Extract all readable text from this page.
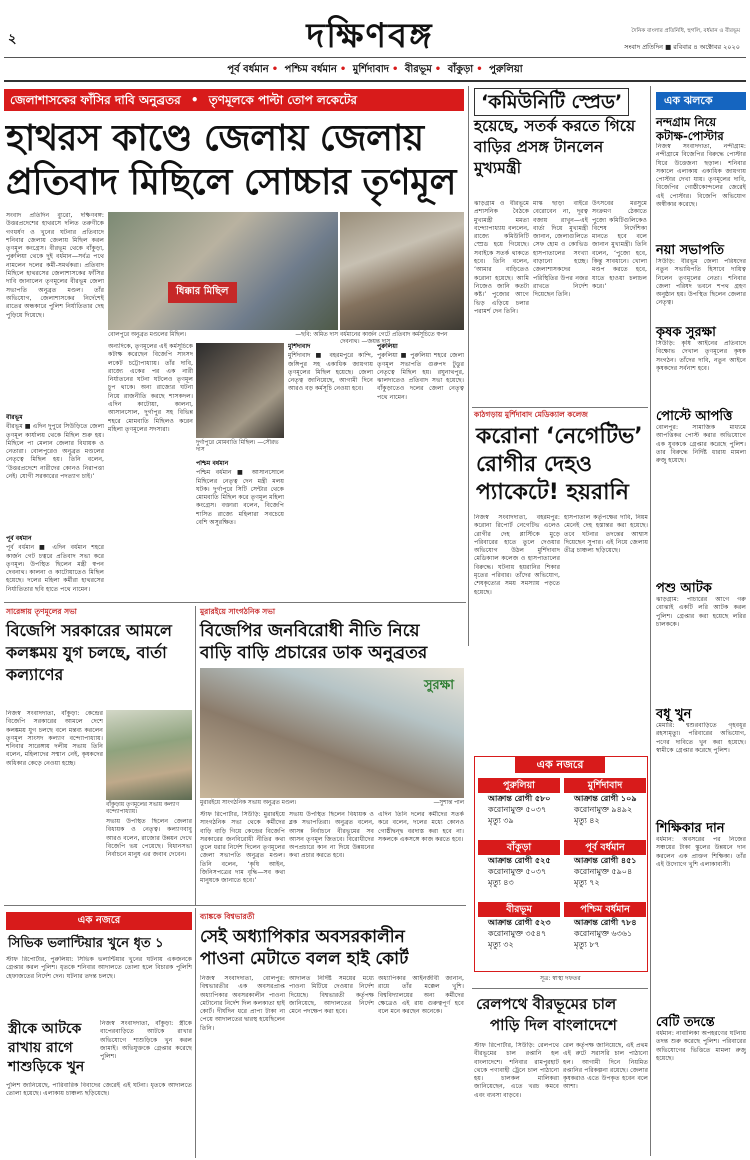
২
দৈনিক বাংলার প্রতিনিধি, হুগলি, বর্ধমান ও বীরভূম
সংবাদ প্রতিদিন ■ রবিবার ৪ অক্টোবর ২০২০
দক্ষিণবঙ্গ
পূর্ব বর্ধমান • পশ্চিম বর্ধমান • মুর্শিদাবাদ • বীরভূম • বাঁকুড়া • পুরুলিয়া
জেলাশাসকের ফাঁসির দাবি অনুব্রতর • তৃণমূলকে পাল্টা তোপ লকেটের
হাথরস কাণ্ডে জেলায় জেলায়
প্রতিবাদ মিছিলে সোচ্চার তৃণমূল

সংবাদ প্রতিদিন ব্যুরো, দক্ষিণবঙ্গ: উত্তরপ্রদেশের হাথরসে দলিত তরুণীকে গণধর্ষণ ও খুনের ঘটনার প্রতিবাদে শনিবার জেলায় জেলায় মিছিল করল তৃণমূল কংগ্রেস। বীরভূম থেকে বাঁকুড়া, পুরুলিয়া থেকে দুই বর্ধমান—সর্বত্র পথে নামলেন দলের কর্মী-সমর্থকরা। প্রতিবাদ মিছিলে হাথরসের জেলাশাসকের ফাঁসির দাবি জানালেন তৃণমূলের বীরভূম জেলা সভাপতি অনুব্রত মণ্ডল। তাঁর অভিযোগ, জেলাশাসকের নির্দেশেই রাতের অন্ধকারে পুলিশ নির্যাতিতার দেহ পুড়িয়ে দিয়েছে।

বীরভূম

বীরভূম ■ এদিন দুপুরে সিউড়িতে জেলা তৃণমূল কার্যালয় থেকে মিছিল শুরু হয়। মিছিলে পা মেলান জেলার বিধায়ক ও নেতারা। বোলপুরেও অনুব্রত মণ্ডলের নেতৃত্বে মিছিল হয়। তিনি বলেন, ‘উত্তরপ্রদেশে নারীদের কোনও নিরাপত্তা নেই। যোগী সরকারের পদত্যাগ চাই।’

পূর্ব বর্ধমান

পূর্ব বর্ধমান ■ এদিন বর্ধমান শহরে কার্জন গেট চত্বরে প্রতিবাদ সভা করে তৃণমূল। উপস্থিত ছিলেন মন্ত্রী স্বপন দেবনাথ। কালনা ও কাটোয়াতেও মিছিল হয়েছে। দলের মহিলা কর্মীরা হাথরসের নির্যাতিতার ছবি হাতে পথে নামেন।

ধিক্কার মিছিল
বোলপুরে অনুব্রত মণ্ডলের মিছিল।	—ছবি: অমিত দাস বর্ধমানের কার্জন গেটে প্রতিবাদ কর্মসূচিতে স্বপন দেবনাথ। —জয়ন্ত দাস

অন্যদিকে, তৃণমূলের এই কর্মসূচিকে কটাক্ষ করেছেন বিজেপি সাংসদ লকেট চট্টোপাধ্যায়। তাঁর দাবি, রাজ্যে একের পর এক নারী নির্যাতনের ঘটনা ঘটলেও তৃণমূল চুপ থাকে। অন্য রাজ্যের ঘটনা নিয়ে রাজনীতি করছে শাসকদল। এদিন কাটোয়া, কালনা, আসানসোল, দুর্গাপুর সহ বিভিন্ন শহরে মোমবাতি মিছিলও করেন মহিলা তৃণমূলের সদস্যরা।

দুর্গাপুরে মোমবাতি মিছিল। —সৌরভ দাস

পশ্চিম বর্ধমান

পশ্চিম বর্ধমান ■ আসানসোলে মিছিলের নেতৃত্ব দেন মন্ত্রী মলয় ঘটক। দুর্গাপুরে সিটি সেন্টার থেকে মোমবাতি মিছিল করে তৃণমূল মহিলা কংগ্রেস। বক্তারা বলেন, বিজেপি শাসিত রাজ্যে মহিলারা সবচেয়ে বেশি অসুরক্ষিত।

মুর্শিদাবাদ

মুর্শিদাবাদ ■ বহরমপুরে কান্দি, জঙ্গিপুর সহ একাধিক জায়গায় তৃণমূলের মিছিল হয়েছে। জেলা নেতৃত্ব জানিয়েছে, আগামী দিনে আরও বড় কর্মসূচি নেওয়া হবে।

পুরুলিয়া

পুরুলিয়া ■ পুরুলিয়া শহরে জেলা তৃণমূল সভাপতি গুরুপদ টুডুর নেতৃত্বে মিছিল হয়। রঘুনাথপুর, ঝালদাতেও প্রতিবাদ সভা হয়েছে। বাঁকুড়াতেও দলের জেলা নেতৃত্ব পথে নামেন।

‘কমিউনিটি স্প্রেড’
হয়েছে, সতর্ক করতে গিয়ে বাড়ির প্রসঙ্গ টানলেন মুখ্যমন্ত্রী

ঝাড়গ্রাম ও বীরভূমে প্রশাসনিক বৈঠকে মুখ্যমন্ত্রী মমতা বন্দ্যোপাধ্যায় বললেন, রাজ্যে কমিউনিটি স্প্রেড হয়ে গিয়েছে। সবাইকে সতর্ক থাকতে হবে। তিনি বলেন, ‘আমার বাড়িতেও করোনা হয়েছে। আমি নিজেও জানি কতটা কষ্ট।’ পুজোর আগে ভিড় এড়িয়ে চলার পরামর্শ দেন তিনি।

মাস্ক ছাড়া বাইরে বেরোবেন না, দূরত্ব বজায় রাখুন—এই বার্তা দিয়ে মুখ্যমন্ত্রী জানান, জেলাগুলিতে সেফ হোম ও কোভিড হাসপাতালের সংখ্যা বাড়ানো হচ্ছে। জেলাশাসকদের পরিস্থিতির উপর নজর রাখতে নির্দেশ দিয়েছেন তিনি।

উৎসবের মরসুমে সংক্রমণ ঠেকাতে পুজো কমিটিগুলিকেও বিশেষ নির্দেশিকা মানতে হবে বলে জানান মুখ্যমন্ত্রী। তিনি বলেন, ‘পুজো হবে, কিন্তু সাবধানে। খোলা মণ্ডপ করতে হবে, যাতে হাওয়া চলাচল করে।’

কাঠগড়ায় মুর্শিদাবাদ মেডিক্যাল কলেজ
করোনা ‘নেগেটিভ’
রোগীর দেহও
প্যাকেটে! হয়রানি

নিজস্ব সংবাদদাতা, বহরমপুর: করোনা রিপোর্ট নেগেটিভ এলেও রোগীর দেহ প্লাস্টিকে মুড়ে পরিবারের হাতে তুলে দেওয়ার অভিযোগ উঠল মুর্শিদাবাদ মেডিক্যাল কলেজ ও হাসপাতালের বিরুদ্ধে। ঘটনায় হয়রানির শিকার মৃতের পরিবার। তাঁদের অভিযোগ, শেষকৃত্যের সময় সমস্যায় পড়তে হয়েছে।

হাসপাতাল কর্তৃপক্ষের দাবি, নিয়ম মেনেই দেহ হস্তান্তর করা হয়েছে। তবে ঘটনার তদন্তের আশ্বাস দিয়েছেন সুপার। এই নিয়ে জেলায় তীব্র চাঞ্চল্য ছড়িয়েছে।

এক ঝলকে
নন্দগ্রাম নিয়ে কটাক্ষ-পোস্টার
নিজস্ব সংবাদদাতা, নন্দীগ্রাম: নন্দীগ্রামে বিজেপির বিরুদ্ধে পোস্টার ঘিরে উত্তেজনা ছড়াল। শনিবার সকালে এলাকায় একাধিক জায়গায় পোস্টার দেখা যায়। তৃণমূলের দাবি, বিজেপির গোষ্ঠীকোন্দলের জেরেই এই পোস্টার। বিজেপি অভিযোগ অস্বীকার করেছে।
নয়া সভাপতি
সিউড়ি: বীরভূম জেলা পরিষদের নতুন সভাধিপতি হিসাবে দায়িত্ব নিলেন তৃণমূলের নেতা। শনিবার জেলা পরিষদ ভবনে শপথ গ্রহণ অনুষ্ঠান হয়। উপস্থিত ছিলেন জেলার নেতৃত্ব।
কৃষক সুরক্ষা
সিউড়ি: কৃষি আইনের প্রতিবাদে বিক্ষোভ দেখাল তৃণমূলের কৃষক সংগঠন। তাঁদের দাবি, নতুন আইনে কৃষকদের সর্বনাশ হবে।
পোস্টে আপত্তি
বোলপুর: সামাজিক মাধ্যমে আপত্তিকর পোস্ট করার অভিযোগে এক যুবককে গ্রেপ্তার করেছে পুলিশ। তার বিরুদ্ধে নির্দিষ্ট ধারায় মামলা রুজু হয়েছে।
পশু আটক
ঝাড়গ্রাম: পাচারের আগে গরু বোঝাই একটি লরি আটক করল পুলিশ। গ্রেপ্তার করা হয়েছে লরির চালককে।
বধূ খুন
মেমারি: শ্বশুরবাড়িতে গৃহবধূর রহস্যমৃত্যু। পরিবারের অভিযোগ, পণের দাবিতে খুন করা হয়েছে। স্বামীকে গ্রেপ্তার করেছে পুলিশ।
শিক্ষিকার দান
বর্ধমান: অবসরের পর নিজের সঞ্চয়ের টাকা স্কুলের উন্নয়নে দান করলেন এক প্রাক্তন শিক্ষিকা। তাঁর এই উদ্যোগে খুশি এলাকাবাসী।
বেটি তদন্তে
বর্ধমান: নাবালিকা অপহরণের ঘটনায় তদন্ত শুরু করেছে পুলিশ। পরিবারের অভিযোগের ভিত্তিতে মামলা রুজু হয়েছে।
সারেঙ্গায় তৃণমূলের সভা
বিজেপি সরকারের আমলে কলঙ্কময় যুগ চলছে, বার্তা কল্যাণের

নিজস্ব সংবাদদাতা, বাঁকুড়া: কেন্দ্রের বিজেপি সরকারের আমলে দেশে কলঙ্কময় যুগ চলছে বলে মন্তব্য করলেন তৃণমূল সাংসদ কল্যাণ বন্দ্যোপাধ্যায়। শনিবার সারেঙ্গায় দলীয় সভায় তিনি বলেন, মহিলাদের সম্মান নেই, কৃষকদের অধিকার কেড়ে নেওয়া হচ্ছে।

বাঁকুড়ায় তৃণমূলের সভায় কল্যাণ বন্দ্যোপাধ্যায়।

সভায় উপস্থিত ছিলেন জেলার বিধায়ক ও নেতৃত্ব। কল্যাণবাবু আরও বলেন, রাজ্যের উন্নয়ন দেখে বিজেপি ভয় পেয়েছে। বিধানসভা নির্বাচনে মানুষ এর জবাব দেবেন।

মুরারইয়ে সাংগঠনিক সভা
বিজেপির জনবিরোধী নীতি নিয়ে
বাড়ি বাড়ি প্রচারের ডাক অনুব্রতর
সুরক্ষা
মুরারইয়ে সাংগঠনিক সভায় অনুব্রত মণ্ডল।	—সুশান্ত পাল

স্টাফ রিপোর্টার, সিউড়ি: মুরারইয়ে সাংগঠনিক সভা থেকে কর্মীদের বাড়ি বাড়ি গিয়ে কেন্দ্রের বিজেপি সরকারের জনবিরোধী নীতির কথা তুলে ধরার নির্দেশ দিলেন তৃণমূলের জেলা সভাপতি অনুব্রত মণ্ডল। তিনি বলেন, ‘কৃষি আইন, জিনিসপত্রের দাম বৃদ্ধি—সব কথা মানুষকে জানাতে হবে।’

সভায় উপস্থিত ছিলেন বিধায়ক ও ব্লক সভাপতিরা। অনুব্রত বলেন, আসন্ন নির্বাচনে বীরভূমের সব আসন তৃণমূল জিতবে। বিরোধীদের অপপ্রচারে কান না দিয়ে উন্নয়নের কথা প্রচার করতে হবে।

এদিন তিনি দলের কর্মীদের সতর্ক করে বলেন, দলের মধ্যে কোনও গোষ্ঠীদ্বন্দ্ব বরদাস্ত করা হবে না। সকলকে একসঙ্গে কাজ করতে হবে।

এক নজরে
পুরুলিয়া
আক্রান্ত রোগী ৫৮০
করোনামুক্ত ৫০৩৭
মৃত্যু ৩৯
মুর্শিদাবাদ
আক্রান্ত রোগী ১০৯
করোনামুক্ত ৯৪৯২
মৃত্যু ৪২
বাঁকুড়া
আক্রান্ত রোগী ৫২৫
করোনামুক্ত ৫০৩৭
মৃত্যু ৪৩
পূর্ব বর্ধমান
আক্রান্ত রোগী ৪৫১
করোনামুক্ত ৫৯০৪
মৃত্যু ৭২
বীরভূম
আক্রান্ত রোগী ৫২৩
করোনামুক্ত ৩৫৪৭
মৃত্যু ৩২
পশ্চিম বর্ধমান
আক্রান্ত রোগী ৭৮৪
করোনামুক্ত ৬৩৬১
মৃত্যু ৮৭
সূত্র: স্বাস্থ্য দফতর
এক নজরে
সিভিক ভলান্টিয়ার খুনে ধৃত ১

স্টাফ রিপোর্টার, পুরুলিয়া: সিভিক ভলান্টিয়ার খুনের ঘটনায় একজনকে গ্রেপ্তার করল পুলিশ। ধৃতকে শনিবার আদালতে তোলা হলে বিচারক পুলিশি হেফাজতের নির্দেশ দেন। ঘটনার তদন্ত চলছে।

স্ত্রীকে আটকে রাখায় রাগে শাশুড়িকে খুন

নিজস্ব সংবাদদাতা, বাঁকুড়া: স্ত্রীকে বাপেরবাড়িতে আটকে রাখার অভিযোগে শাশুড়িকে খুন করল জামাই। অভিযুক্তকে গ্রেপ্তার করেছে পুলিশ।

পুলিশ জানিয়েছে, পারিবারিক বিবাদের জেরেই এই ঘটনা। ধৃতকে আদালতে তোলা হয়েছে। এলাকায় চাঞ্চল্য ছড়িয়েছে।

ব্যাঙ্ককে বিশ্বভারতী
সেই অধ্যাপিকার অবসরকালীন
পাওনা মেটাতে বলল হাই কোর্ট

নিজস্ব সংবাদদাতা, বোলপুর: বিশ্বভারতীর এক অবসরপ্রাপ্ত অধ্যাপিকার অবসরকালীন পাওনা মেটানোর নির্দেশ দিল কলকাতা হাই কোর্ট। দীর্ঘদিন ধরে প্রাপ্য টাকা না পেয়ে আদালতের দ্বারস্থ হয়েছিলেন তিনি।

আদালত নির্দিষ্ট সময়ের মধ্যে পাওনা মিটিয়ে দেওয়ার নির্দেশ দিয়েছে। বিশ্বভারতী কর্তৃপক্ষ জানিয়েছে, আদালতের নির্দেশ মেনে পদক্ষেপ করা হবে।

অধ্যাপিকার আইনজীবী জানান, রায়ে তাঁর মক্কেল খুশি। বিশ্ববিদ্যালয়ের অন্য কর্মীদের ক্ষেত্রেও এই রায় গুরুত্বপূর্ণ হবে বলে মনে করছেন অনেকে।	রেলপথে বীরভূমের চাল
পাড়ি দিল বাংলাদেশে

স্টাফ রিপোর্টার, সিউড়ি: রেলপথে বীরভূমের চাল রপ্তানি হল বাংলাদেশে। শনিবার রামপুরহাট থেকে পণ্যবাহী ট্রেনে চাল পাঠানো হয়। চালকল মালিকরা জানিয়েছেন, এতে খরচ কমবে এবং ব্যবসা বাড়বে।

রেল কর্তৃপক্ষ জানিয়েছে, এই প্রথম এই রুটে সরাসরি চাল পাঠানো হল। আগামী দিনে নিয়মিত রপ্তানির পরিকল্পনা রয়েছে। জেলার কৃষকরাও এতে উপকৃত হবেন বলে আশা।
